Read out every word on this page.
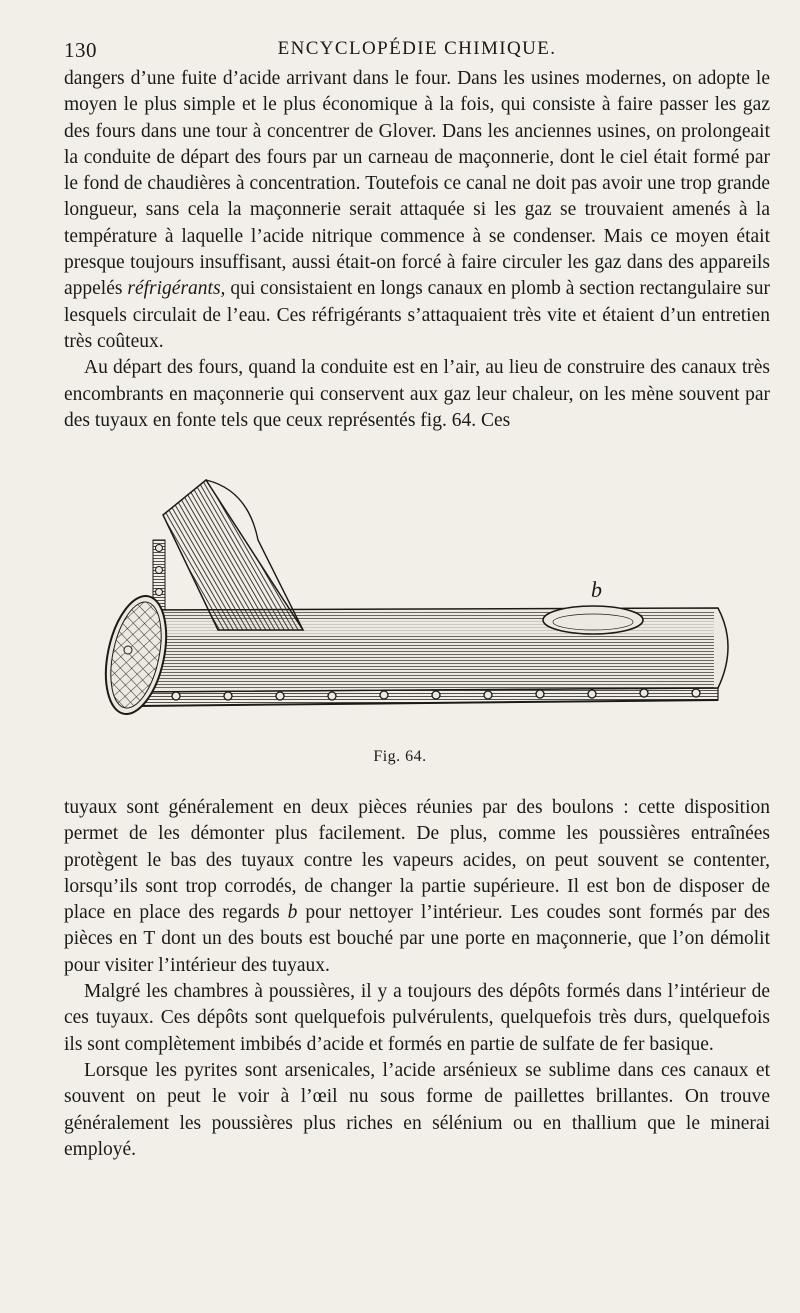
130	ENCYCLOPÉDIE CHIMIQUE.

dangers d’une fuite d’acide arrivant dans le four. Dans les usines modernes, on adopte le moyen le plus simple et le plus économique à la fois, qui consiste à faire passer les gaz des fours dans une tour à concentrer de Glover. Dans les anciennes usines, on prolongeait la conduite de départ des fours par un carneau de maçonnerie, dont le ciel était formé par le fond de chaudières à concentration. Toutefois ce canal ne doit pas avoir une trop grande longueur, sans cela la maçonnerie serait attaquée si les gaz se trouvaient amenés à la température à laquelle l’acide nitrique commence à se condenser. Mais ce moyen était presque toujours insuffisant, aussi était-on forcé à faire circuler les gaz dans des appareils appelés réfrigérants, qui consistaient en longs canaux en plomb à section rectangulaire sur lesquels circulait de l’eau. Ces réfrigérants s’attaquaient très vite et étaient d’un entretien très coûteux.

Au départ des fours, quand la conduite est en l’air, au lieu de construire des canaux très encombrants en maçonnerie qui conservent aux gaz leur chaleur, on les mène souvent par des tuyaux en fonte tels que ceux représentés fig. 64. Ces

b
Fig. 64.

tuyaux sont généralement en deux pièces réunies par des boulons : cette disposition permet de les démonter plus facilement. De plus, comme les poussières entraînées protègent le bas des tuyaux contre les vapeurs acides, on peut souvent se contenter, lorsqu’ils sont trop corrodés, de changer la partie supérieure. Il est bon de disposer de place en place des regards b pour nettoyer l’intérieur. Les coudes sont formés par des pièces en T dont un des bouts est bouché par une porte en maçonnerie, que l’on démolit pour visiter l’intérieur des tuyaux.

Malgré les chambres à poussières, il y a toujours des dépôts formés dans l’intérieur de ces tuyaux. Ces dépôts sont quelquefois pulvérulents, quelquefois très durs, quelquefois ils sont complètement imbibés d’acide et formés en partie de sulfate de fer basique.

Lorsque les pyrites sont arsenicales, l’acide arsénieux se sublime dans ces canaux et souvent on peut le voir à l’œil nu sous forme de paillettes brillantes. On trouve généralement les poussières plus riches en sélénium ou en thallium que le minerai employé.
